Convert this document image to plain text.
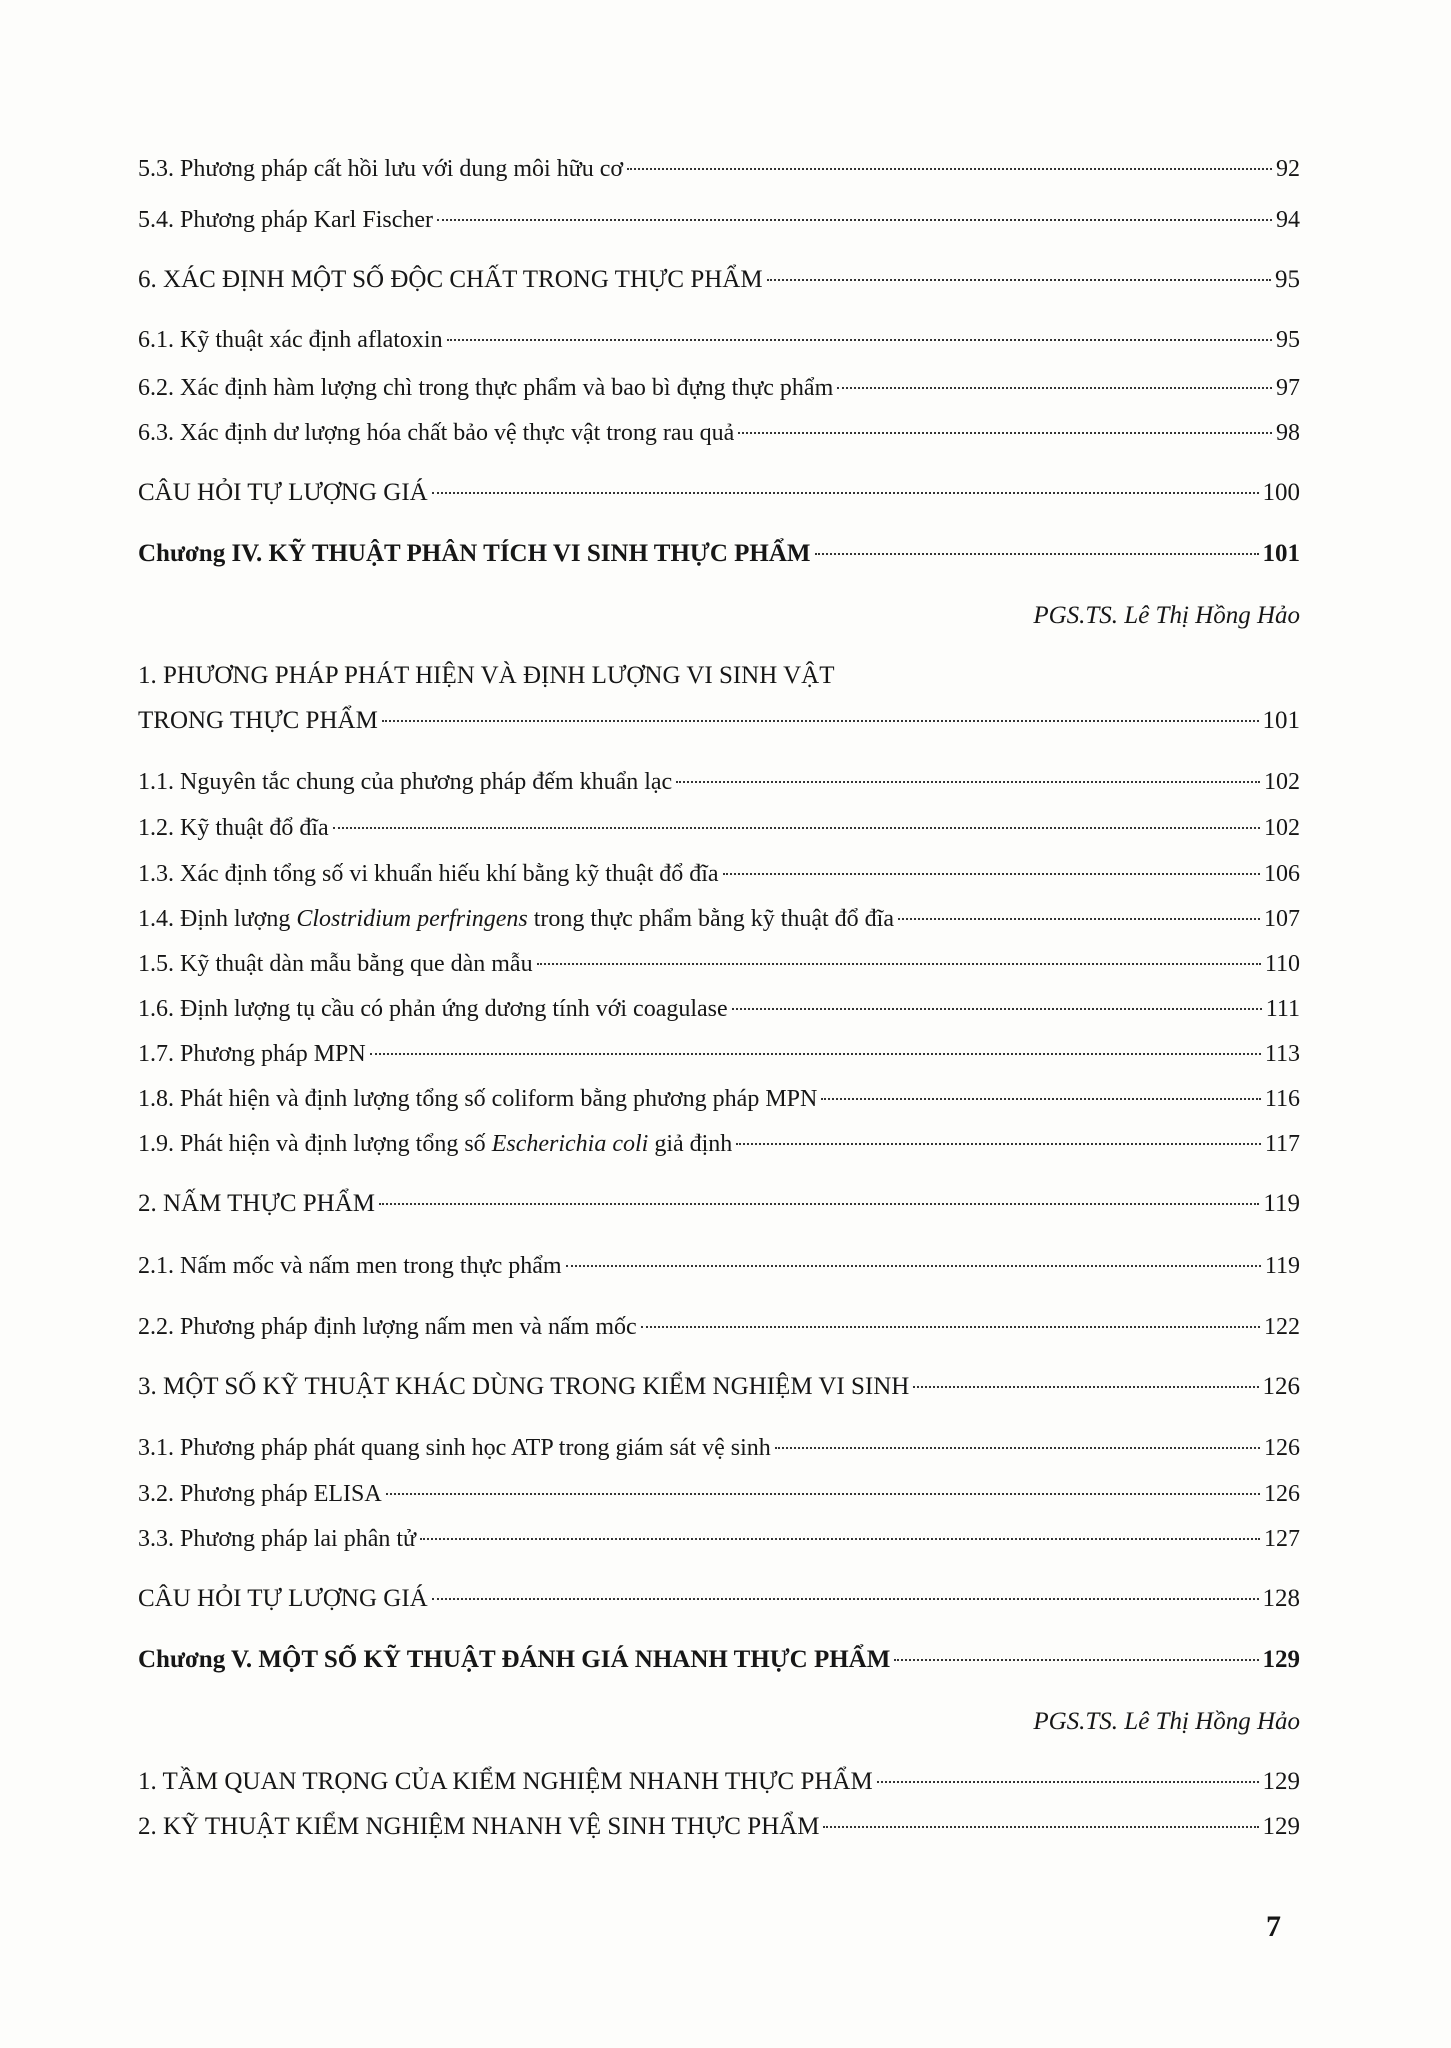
5.3. Phương pháp cất hồi lưu với dung môi hữu cơ	92
5.4. Phương pháp Karl Fischer	94
6. XÁC ĐỊNH MỘT SỐ ĐỘC CHẤT TRONG THỰC PHẨM	95
6.1. Kỹ thuật xác định aflatoxin	95
6.2. Xác định hàm lượng chì trong thực phẩm và bao bì đựng thực phẩm	97
6.3. Xác định dư lượng hóa chất bảo vệ thực vật trong rau quả	98
CÂU HỎI TỰ LƯỢNG GIÁ	100
Chương IV. KỸ THUẬT PHÂN TÍCH VI SINH THỰC PHẨM	101
PGS.TS. Lê Thị Hồng Hảo
1. PHƯƠNG PHÁP PHÁT HIỆN VÀ ĐỊNH LƯỢNG VI SINH VẬT
TRONG THỰC PHẨM	101
1.1. Nguyên tắc chung của phương pháp đếm khuẩn lạc	102
1.2. Kỹ thuật đổ đĩa	102
1.3. Xác định tổng số vi khuẩn hiếu khí bằng kỹ thuật đổ đĩa	106
1.4. Định lượng Clostridium perfringens trong thực phẩm bằng kỹ thuật đổ đĩa	107
1.5. Kỹ thuật dàn mẫu bằng que dàn mẫu	110
1.6. Định lượng tụ cầu có phản ứng dương tính với coagulase	111
1.7. Phương pháp MPN	113
1.8. Phát hiện và định lượng tổng số coliform bằng phương pháp MPN	116
1.9. Phát hiện và định lượng tổng số Escherichia coli giả định	117
2. NẤM THỰC PHẨM	119
2.1. Nấm mốc và nấm men trong thực phẩm	119
2.2. Phương pháp định lượng nấm men và nấm mốc	122
3. MỘT SỐ KỸ THUẬT KHÁC DÙNG TRONG KIỂM NGHIỆM VI SINH	126
3.1. Phương pháp phát quang sinh học ATP trong giám sát vệ sinh	126
3.2. Phương pháp ELISA	126
3.3. Phương pháp lai phân tử	127
CÂU HỎI TỰ LƯỢNG GIÁ	128
Chương V. MỘT SỐ KỸ THUẬT ĐÁNH GIÁ NHANH THỰC PHẨM	129
PGS.TS. Lê Thị Hồng Hảo
1. TẦM QUAN TRỌNG CỦA KIỂM NGHIỆM NHANH THỰC PHẨM	129
2. KỸ THUẬT KIỂM NGHIỆM NHANH VỆ SINH THỰC PHẨM	129
7
